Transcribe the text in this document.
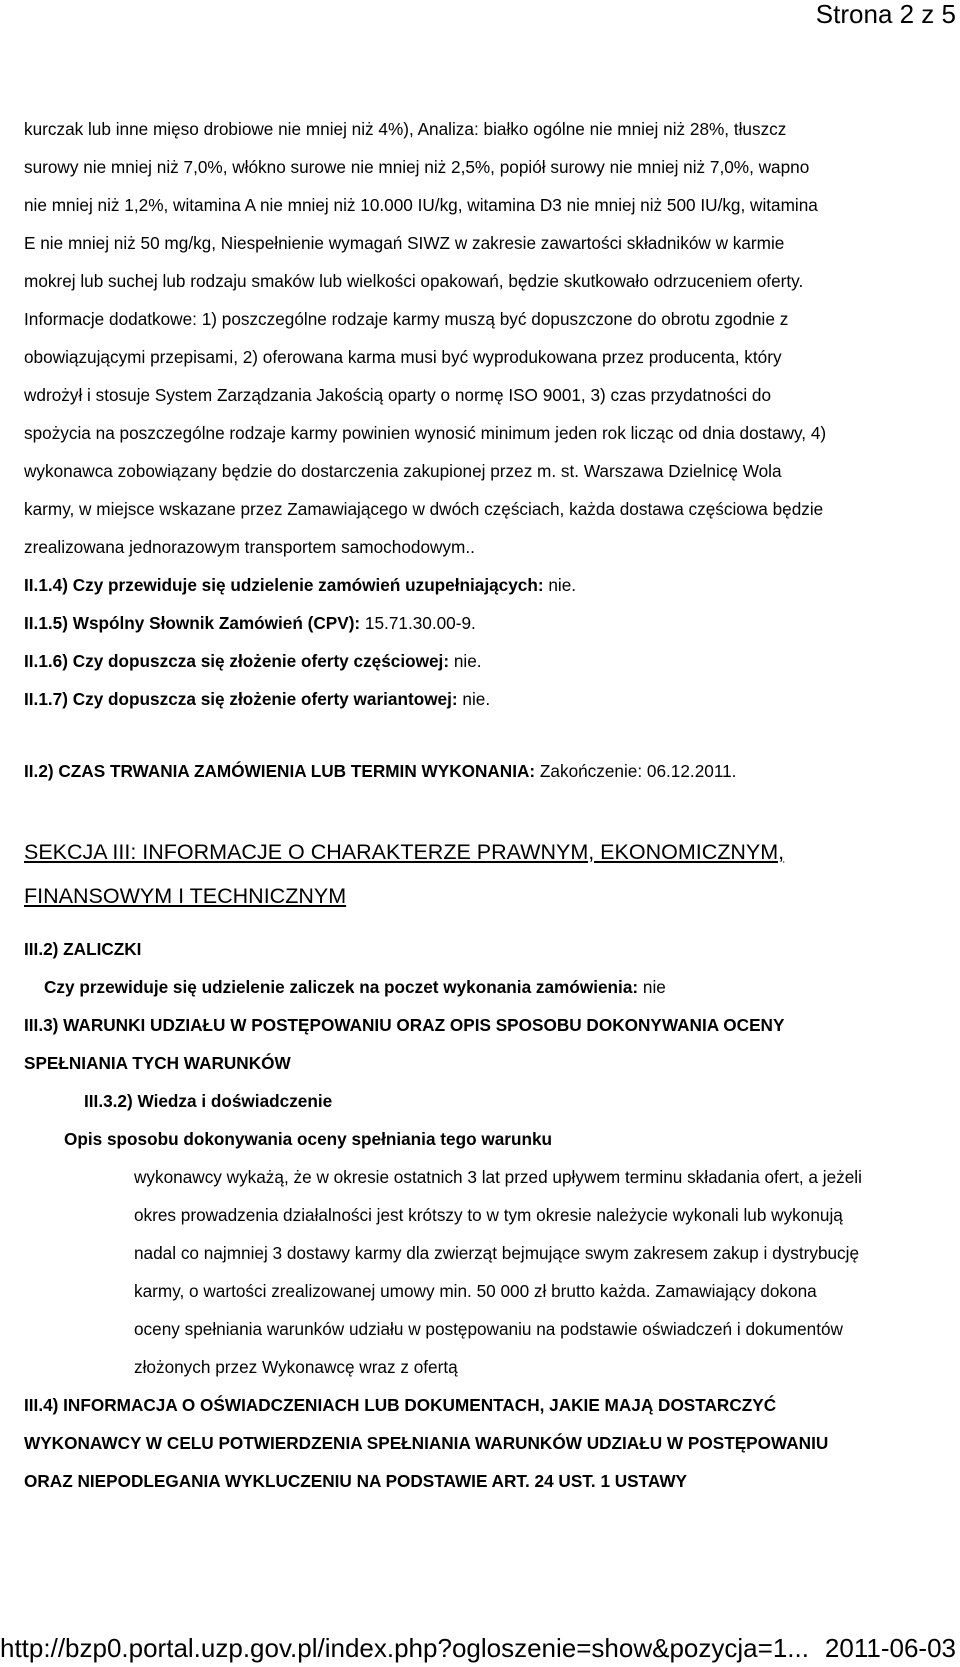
Strona 2 z 5
kurczak lub inne mięso drobiowe nie mniej niż 4%), Analiza: białko ogólne nie mniej niż 28%, tłuszcz
surowy nie mniej niż 7,0%, włókno surowe nie mniej niż 2,5%, popiół surowy nie mniej niż 7,0%, wapno
nie mniej niż 1,2%, witamina A nie mniej niż 10.000 IU/kg, witamina D3 nie mniej niż 500 IU/kg, witamina
E nie mniej niż 50 mg/kg, Niespełnienie wymagań SIWZ w zakresie zawartości składników w karmie
mokrej lub suchej lub rodzaju smaków lub wielkości opakowań, będzie skutkowało odrzuceniem oferty.
Informacje dodatkowe: 1) poszczególne rodzaje karmy muszą być dopuszczone do obrotu zgodnie z
obowiązującymi przepisami, 2) oferowana karma musi być wyprodukowana przez producenta, który
wdrożył i stosuje System Zarządzania Jakością oparty o normę ISO 9001, 3) czas przydatności do
spożycia na poszczególne rodzaje karmy powinien wynosić minimum jeden rok licząc od dnia dostawy, 4)
wykonawca zobowiązany będzie do dostarczenia zakupionej przez m. st. Warszawa Dzielnicę Wola
karmy, w miejsce wskazane przez Zamawiającego w dwóch częściach, każda dostawa częściowa będzie
zrealizowana jednorazowym transportem samochodowym..

II.1.4) Czy przewiduje się udzielenie zamówień uzupełniających: nie.

II.1.5) Wspólny Słownik Zamówień (CPV): 15.71.30.00-9.

II.1.6) Czy dopuszcza się złożenie oferty częściowej: nie.

II.1.7) Czy dopuszcza się złożenie oferty wariantowej: nie.

II.2) CZAS TRWANIA ZAMÓWIENIA LUB TERMIN WYKONANIA: Zakończenie: 06.12.2011.

SEKCJA III: INFORMACJE O CHARAKTERZE PRAWNYM, EKONOMICZNYM,

FINANSOWYM I TECHNICZNYM

III.2) ZALICZKI

Czy przewiduje się udzielenie zaliczek na poczet wykonania zamówienia: nie

III.3) WARUNKI UDZIAŁU W POSTĘPOWANIU ORAZ OPIS SPOSOBU DOKONYWANIA OCENY

SPEŁNIANIA TYCH WARUNKÓW

III.3.2) Wiedza i doświadczenie

Opis sposobu dokonywania oceny spełniania tego warunku

wykonawcy wykażą, że w okresie ostatnich 3 lat przed upływem terminu składania ofert, a jeżeli
okres prowadzenia działalności jest krótszy to w tym okresie należycie wykonali lub wykonują
nadal co najmniej 3 dostawy karmy dla zwierząt bejmujące swym zakresem zakup i dystrybucję
karmy, o wartości zrealizowanej umowy min. 50 000 zł brutto każda. Zamawiający dokona
oceny spełniania warunków udziału w postępowaniu na podstawie oświadczeń i dokumentów
złożonych przez Wykonawcę wraz z ofertą
III.4) INFORMACJA O OŚWIADCZENIACH LUB DOKUMENTACH, JAKIE MAJĄ DOSTARCZYĆ
WYKONAWCY W CELU POTWIERDZENIA SPEŁNIANIA WARUNKÓW UDZIAŁU W POSTĘPOWANIU
ORAZ NIEPODLEGANIA WYKLUCZENIU NA PODSTAWIE ART. 24 UST. 1 USTAWY
http://bzp0.portal.uzp.gov.pl/index.php?ogloszenie=show&pozycja=1... 2011-06-03
